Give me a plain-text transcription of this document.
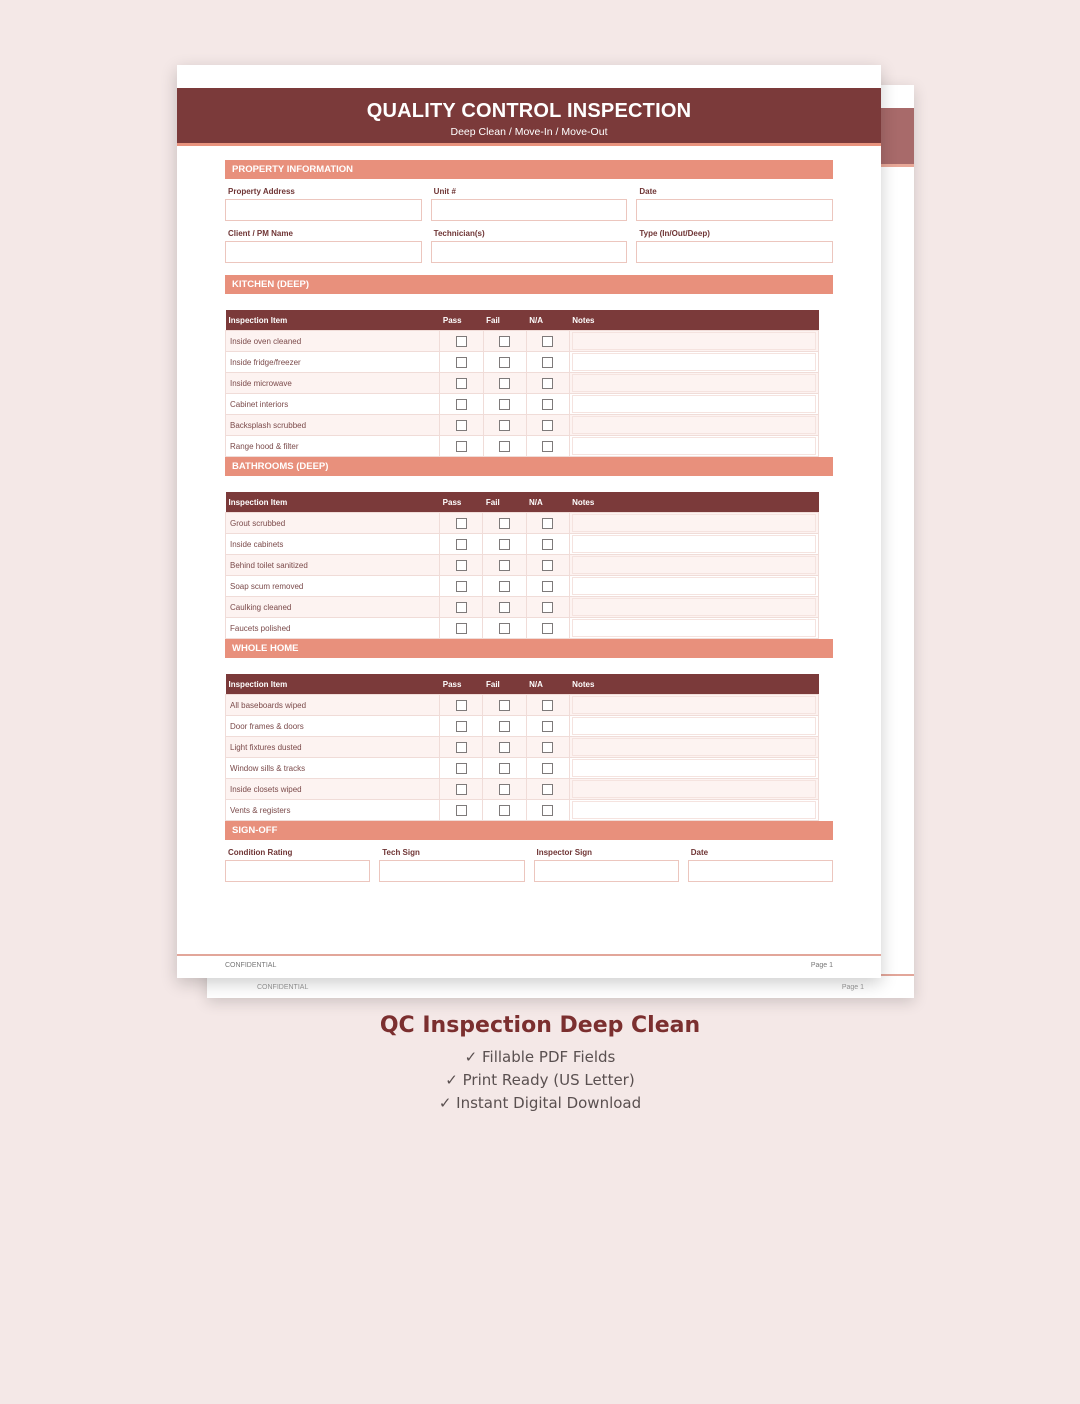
CONFIDENTIAL	Page 1
QUALITY CONTROL INSPECTION
Deep Clean / Move-In / Move-Out
PROPERTY INFORMATION
Property Address	Unit #	Date
Client / PM Name	Technician(s)	Type (In/Out/Deep)
KITCHEN (DEEP)
Inspection Item	Pass	Fail	N/A	Notes
Inside oven cleaned				

Inside fridge/freezer				

Inside microwave				

Cabinet interiors				

Backsplash scrubbed				

Range hood & filter				
BATHROOMS (DEEP)
Inspection Item	Pass	Fail	N/A	Notes
Grout scrubbed				

Inside cabinets				

Behind toilet sanitized				

Soap scum removed				

Caulking cleaned				

Faucets polished				
WHOLE HOME
Inspection Item	Pass	Fail	N/A	Notes
All baseboards wiped				

Door frames & doors				

Light fixtures dusted				

Window sills & tracks				

Inside closets wiped				

Vents & registers				
SIGN-OFF
Condition Rating	Tech Sign	Inspector Sign	Date
CONFIDENTIAL	Page 1
QC Inspection Deep Clean
✓ Fillable PDF Fields
✓ Print Ready (US Letter)
✓ Instant Digital Download
